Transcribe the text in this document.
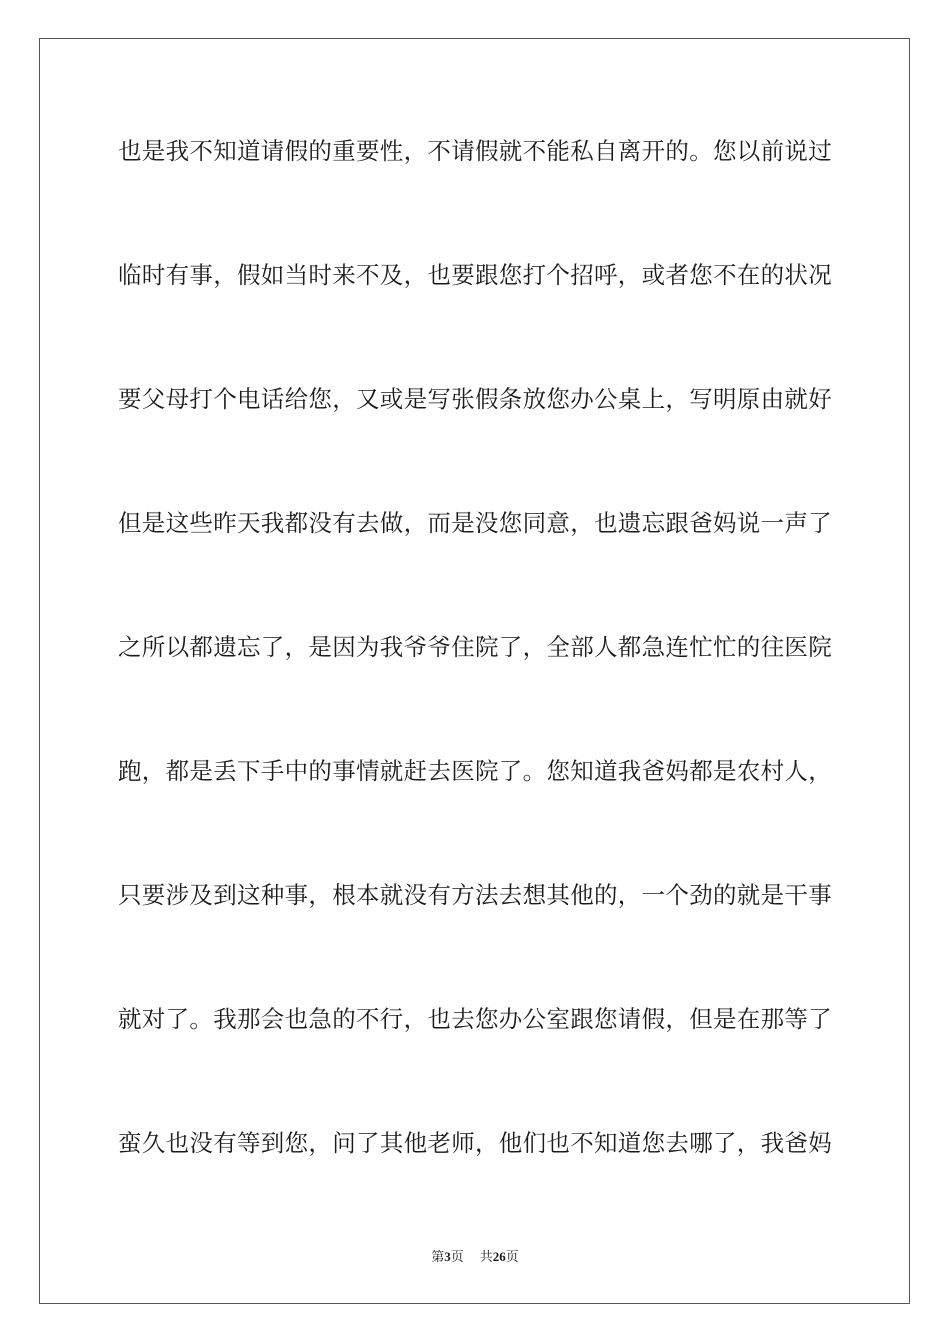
也是我不知道请假的重要性，不请假就不能私自离开的。您以前说过
临时有事，假如当时来不及，也要跟您打个招呼，或者您不在的状况
要父母打个电话给您，又或是写张假条放您办公桌上，写明原由就好
但是这些昨天我都没有去做，而是没您同意，也遗忘跟爸妈说一声了
之所以都遗忘了，是因为我爷爷住院了，全部人都急连忙忙的往医院
跑，都是丢下手中的事情就赶去医院了。您知道我爸妈都是农村人，
只要涉及到这种事，根本就没有方法去想其他的，一个劲的就是干事
就对了。我那会也急的不行，也去您办公室跟您请假，但是在那等了
蛮久也没有等到您，问了其他老师，他们也不知道您去哪了，我爸妈
第3页 共26页
